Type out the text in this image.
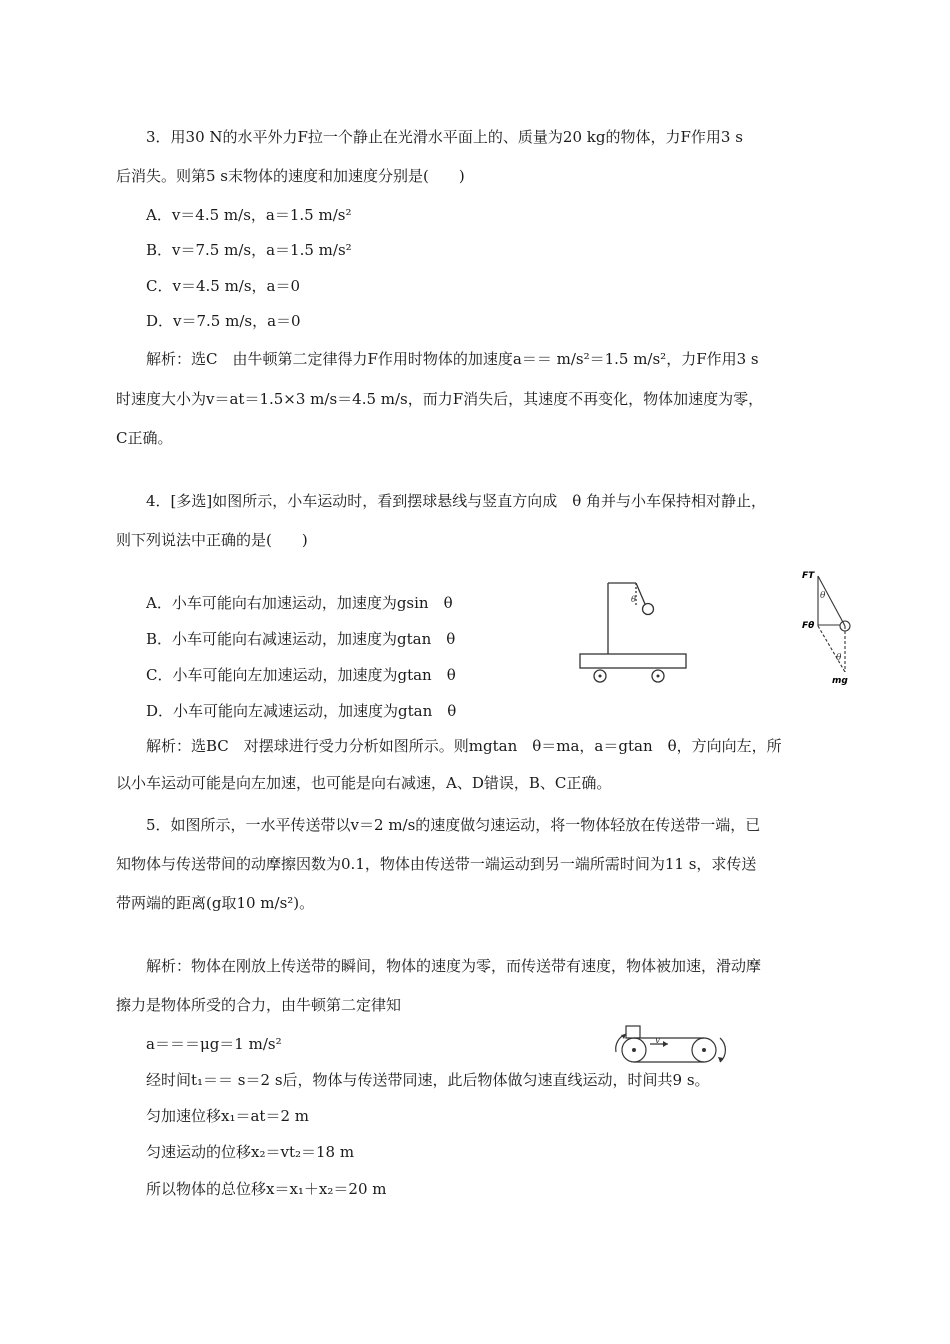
3．用30 N的水平外力F拉一个静止在光滑水平面上的、质量为20 kg的物体，力F作用3 s
后消失。则第5 s末物体的速度和加速度分别是(　　)
A．v＝4.5 m/s，a＝1.5 m/s²
B．v＝7.5 m/s，a＝1.5 m/s²
C．v＝4.5 m/s，a＝0
D．v＝7.5 m/s，a＝0
解析：选C　由牛顿第二定律得力F作用时物体的加速度a＝＝ m/s²＝1.5 m/s²，力F作用3 s
时速度大小为v＝at＝1.5×3 m/s＝4.5 m/s，而力F消失后，其速度不再变化，物体加速度为零，
C正确。
4．[多选]如图所示，小车运动时，看到摆球悬线与竖直方向成　θ 角并与小车保持相对静止，
则下列说法中正确的是(　　)
A．小车可能向右加速运动，加速度为gsin　θ
B．小车可能向右减速运动，加速度为gtan　θ
C．小车可能向左加速运动，加速度为gtan　θ
D．小车可能向左减速运动，加速度为gtan　θ
解析：选BC　对摆球进行受力分析如图所示。则mgtan　θ＝ma，a＝gtan　θ，方向向左，所
以小车运动可能是向左加速，也可能是向右减速，A、D错误，B、C正确。
θ
FT
θ
Fθ
θ
mg
5．如图所示，一水平传送带以v＝2 m/s的速度做匀速运动，将一物体轻放在传送带一端，已
知物体与传送带间的动摩擦因数为0.1，物体由传送带一端运动到另一端所需时间为11 s，求传送
带两端的距离(g取10 m/s²)。
解析：物体在刚放上传送带的瞬间，物体的速度为零，而传送带有速度，物体被加速，滑动摩
擦力是物体所受的合力，由牛顿第二定律知
a＝＝＝μg＝1 m/s²
经时间t₁＝＝ s＝2 s后，物体与传送带同速，此后物体做匀速直线运动，时间共9 s。
匀加速位移x₁＝at＝2 m
匀速运动的位移x₂＝vt₂＝18 m
所以物体的总位移x＝x₁＋x₂＝20 m
v
